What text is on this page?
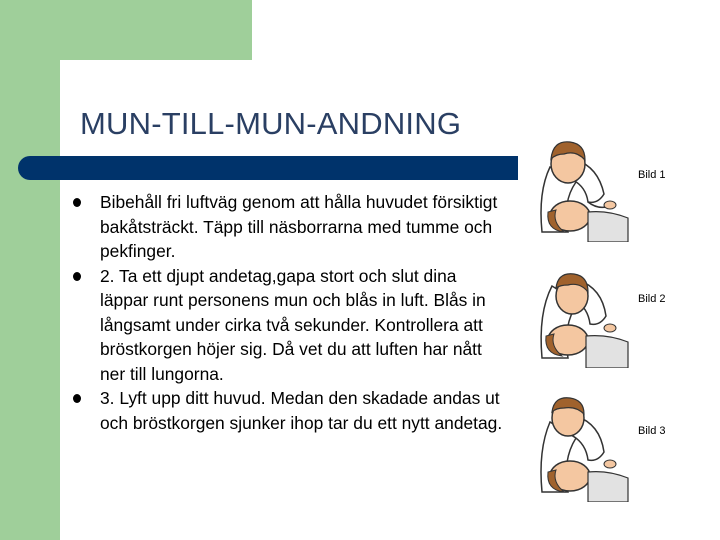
MUN-TILL-MUN-ANDNING
Bibehåll fri luftväg genom att hålla huvudet försiktigt bakåtsträckt. Täpp till näsborrarna med tumme och pekfinger.
2. Ta ett djupt andetag,gapa stort och slut dina läppar runt personens mun och blås in luft. Blås in långsamt under cirka två sekunder. Kontrollera att bröstkorgen höjer sig. Då vet du att luften har nått ner till lungorna.
3. Lyft upp ditt huvud. Medan den skadade andas ut och bröstkorgen sjunker ihop tar du ett nytt andetag.
Bild 1
Bild 2
Bild 3
